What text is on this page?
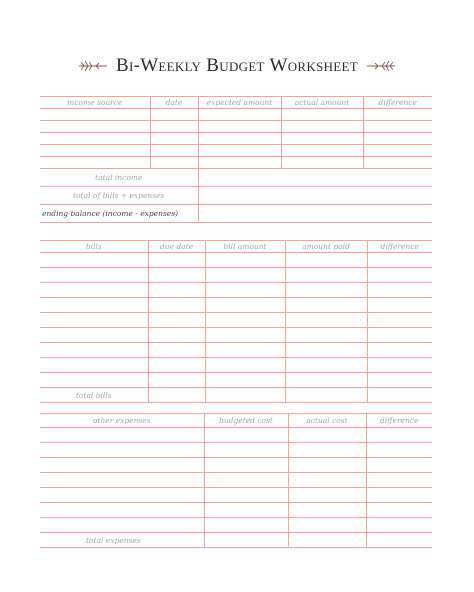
Bi-Weekly Budget Worksheet
income source	date	expected amount	actual amount	difference

total income				
total of bills + expenses				
ending balance (income - expenses)				
bills	due date	bill amount	amount paid	difference

total bills				
other expenses	budgeted cost	actual cost	difference

total expenses			
